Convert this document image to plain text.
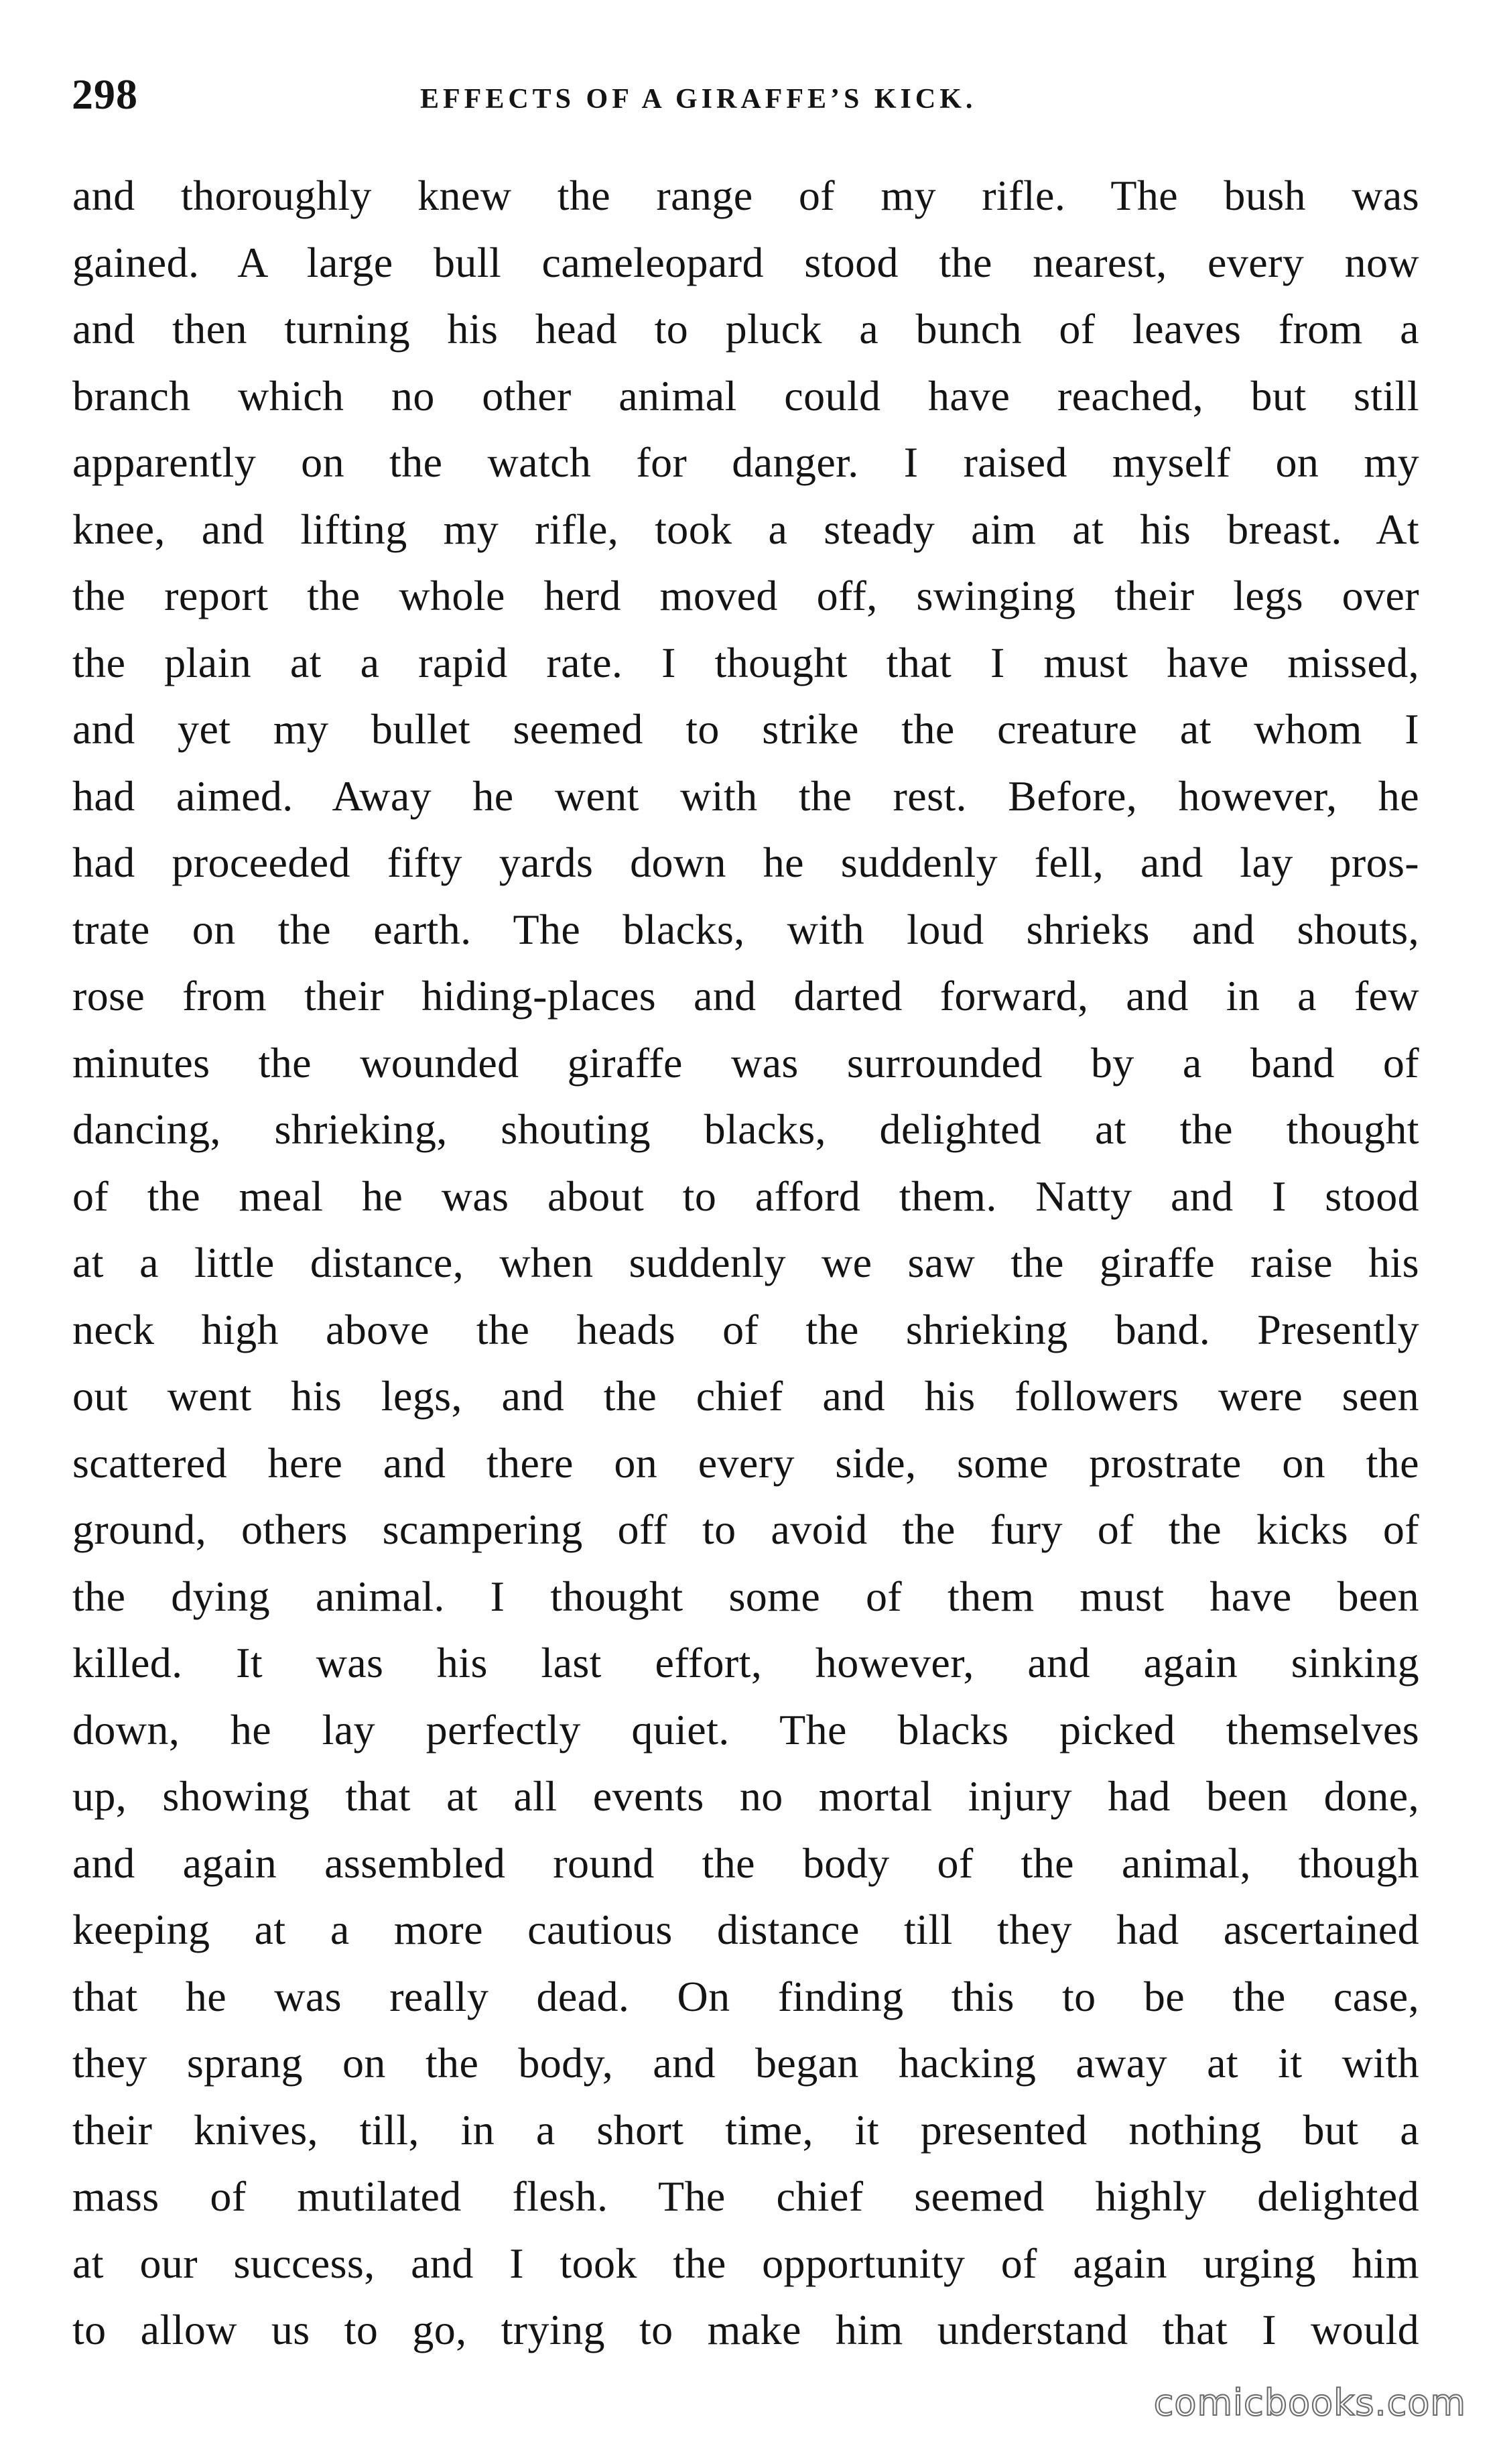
298	EFFECTS OF A GIRAFFE’S KICK.
and thoroughly knew the range of my rifle. The bush was
gained. A large bull cameleopard stood the nearest, every now
and then turning his head to pluck a bunch of leaves from a
branch which no other animal could have reached, but still
apparently on the watch for danger. I raised myself on my
knee, and lifting my rifle, took a steady aim at his breast. At
the report the whole herd moved off, swinging their legs over
the plain at a rapid rate. I thought that I must have missed,
and yet my bullet seemed to strike the creature at whom I
had aimed. Away he went with the rest. Before, however, he
had proceeded fifty yards down he suddenly fell, and lay pros-
trate on the earth. The blacks, with loud shrieks and shouts,
rose from their hiding-places and darted forward, and in a few
minutes the wounded giraffe was surrounded by a band of
dancing, shrieking, shouting blacks, delighted at the thought
of the meal he was about to afford them. Natty and I stood
at a little distance, when suddenly we saw the giraffe raise his
neck high above the heads of the shrieking band. Presently
out went his legs, and the chief and his followers were seen
scattered here and there on every side, some prostrate on the
ground, others scampering off to avoid the fury of the kicks of
the dying animal. I thought some of them must have been
killed. It was his last effort, however, and again sinking
down, he lay perfectly quiet. The blacks picked themselves
up, showing that at all events no mortal injury had been done,
and again assembled round the body of the animal, though
keeping at a more cautious distance till they had ascertained
that he was really dead. On finding this to be the case,
they sprang on the body, and began hacking away at it with
their knives, till, in a short time, it presented nothing but a
mass of mutilated flesh. The chief seemed highly delighted
at our success, and I took the opportunity of again urging him
to allow us to go, trying to make him understand that I would
comicbooks.com
